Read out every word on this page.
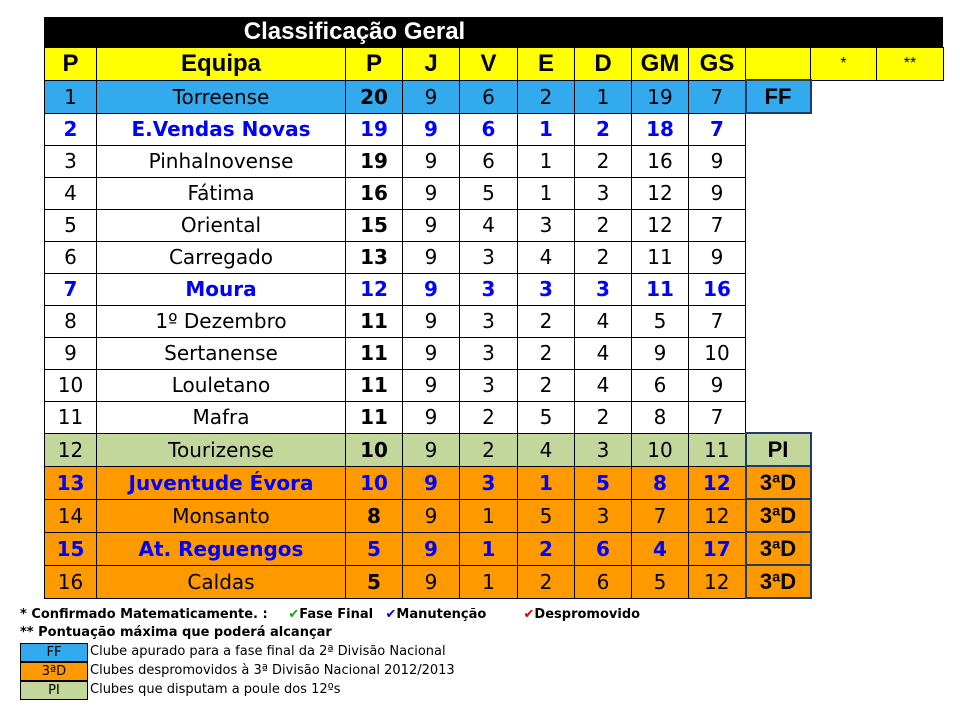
Classificação Geral
P	Equipa	P	J	V	E	D	GM	GS		*	**
1	Torreense	20	9	6	2	1	19	7	FF		
2	E.Vendas Novas	19	9	6	1	2	18	7			
3	Pinhalnovense	19	9	6	1	2	16	9			
4	Fátima	16	9	5	1	3	12	9			
5	Oriental	15	9	4	3	2	12	7			
6	Carregado	13	9	3	4	2	11	9			
7	Moura	12	9	3	3	3	11	16			
8	1º Dezembro	11	9	3	2	4	5	7			
9	Sertanense	11	9	3	2	4	9	10			
10	Louletano	11	9	3	2	4	6	9			
11	Mafra	11	9	2	5	2	8	7			
12	Tourizense	10	9	2	4	3	10	11	PI		
13	Juventude Évora	10	9	3	1	5	8	12	3ªD		
14	Monsanto	8	9	1	5	3	7	12	3ªD		
15	At. Reguengos	5	9	1	2	6	4	17	3ªD		
16	Caldas	5	9	1	2	6	5	12	3ªD		
* Confirmado Matematicamente. : ✔Fase Final ✔Manutenção	✔Despromovido
** Pontuação máxima que poderá alcançar
FF	Clube apurado para a fase final da 2ª Divisão Nacional
3ªD	Clubes despromovidos à 3ª Divisão Nacional 2012/2013
PI	Clubes que disputam a poule dos 12ºs
